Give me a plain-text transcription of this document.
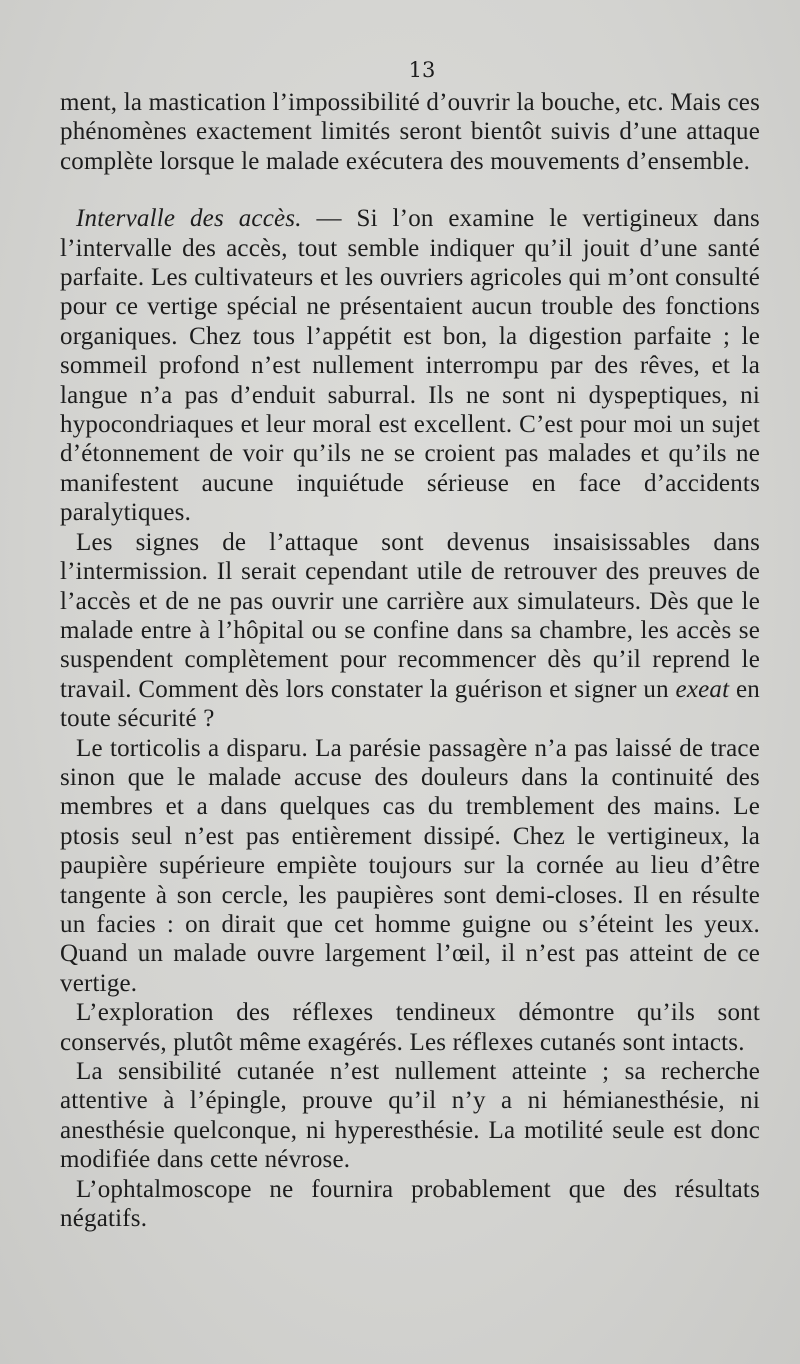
13

ment, la mastication l’impossibilité d’ouvrir la bouche, etc. Mais ces phénomènes exactement limités seront bientôt suivis d’une attaque complète lorsque le malade exécutera des mouvements d’ensemble.

Intervalle des accès. — Si l’on examine le vertigineux dans l’intervalle des accès, tout semble indiquer qu’il jouit d’une santé parfaite. Les cultivateurs et les ouvriers agricoles qui m’ont consulté pour ce vertige spécial ne présentaient aucun trouble des fonctions organiques. Chez tous l’appétit est bon, la digestion parfaite ; le sommeil profond n’est nullement interrompu par des rêves, et la langue n’a pas d’enduit saburral. Ils ne sont ni dyspeptiques, ni hypocondriaques et leur moral est excellent. C’est pour moi un sujet d’étonnement de voir qu’ils ne se croient pas malades et qu’ils ne manifestent aucune inquiétude sérieuse en face d’accidents paralytiques.

Les signes de l’attaque sont devenus insaisissables dans l’intermission. Il serait cependant utile de retrouver des preuves de l’accès et de ne pas ouvrir une carrière aux simulateurs. Dès que le malade entre à l’hôpital ou se confine dans sa chambre, les accès se suspendent complètement pour recommencer dès qu’il reprend le travail. Comment dès lors constater la guérison et signer un exeat en toute sécurité ?

Le torticolis a disparu. La parésie passagère n’a pas laissé de trace sinon que le malade accuse des douleurs dans la continuité des membres et a dans quelques cas du tremblement des mains. Le ptosis seul n’est pas entièrement dissipé. Chez le vertigineux, la paupière supérieure empiète toujours sur la cornée au lieu d’être tangente à son cercle, les paupières sont demi-closes. Il en résulte un facies : on dirait que cet homme guigne ou s’éteint les yeux. Quand un malade ouvre largement l’œil, il n’est pas atteint de ce vertige.

L’exploration des réflexes tendineux démontre qu’ils sont conservés, plutôt même exagérés. Les réflexes cutanés sont intacts.

La sensibilité cutanée n’est nullement atteinte ; sa recherche attentive à l’épingle, prouve qu’il n’y a ni hémianesthésie, ni anesthésie quelconque, ni hyperesthésie. La motilité seule est donc modifiée dans cette névrose.

L’ophtalmoscope ne fournira probablement que des résultats négatifs.
